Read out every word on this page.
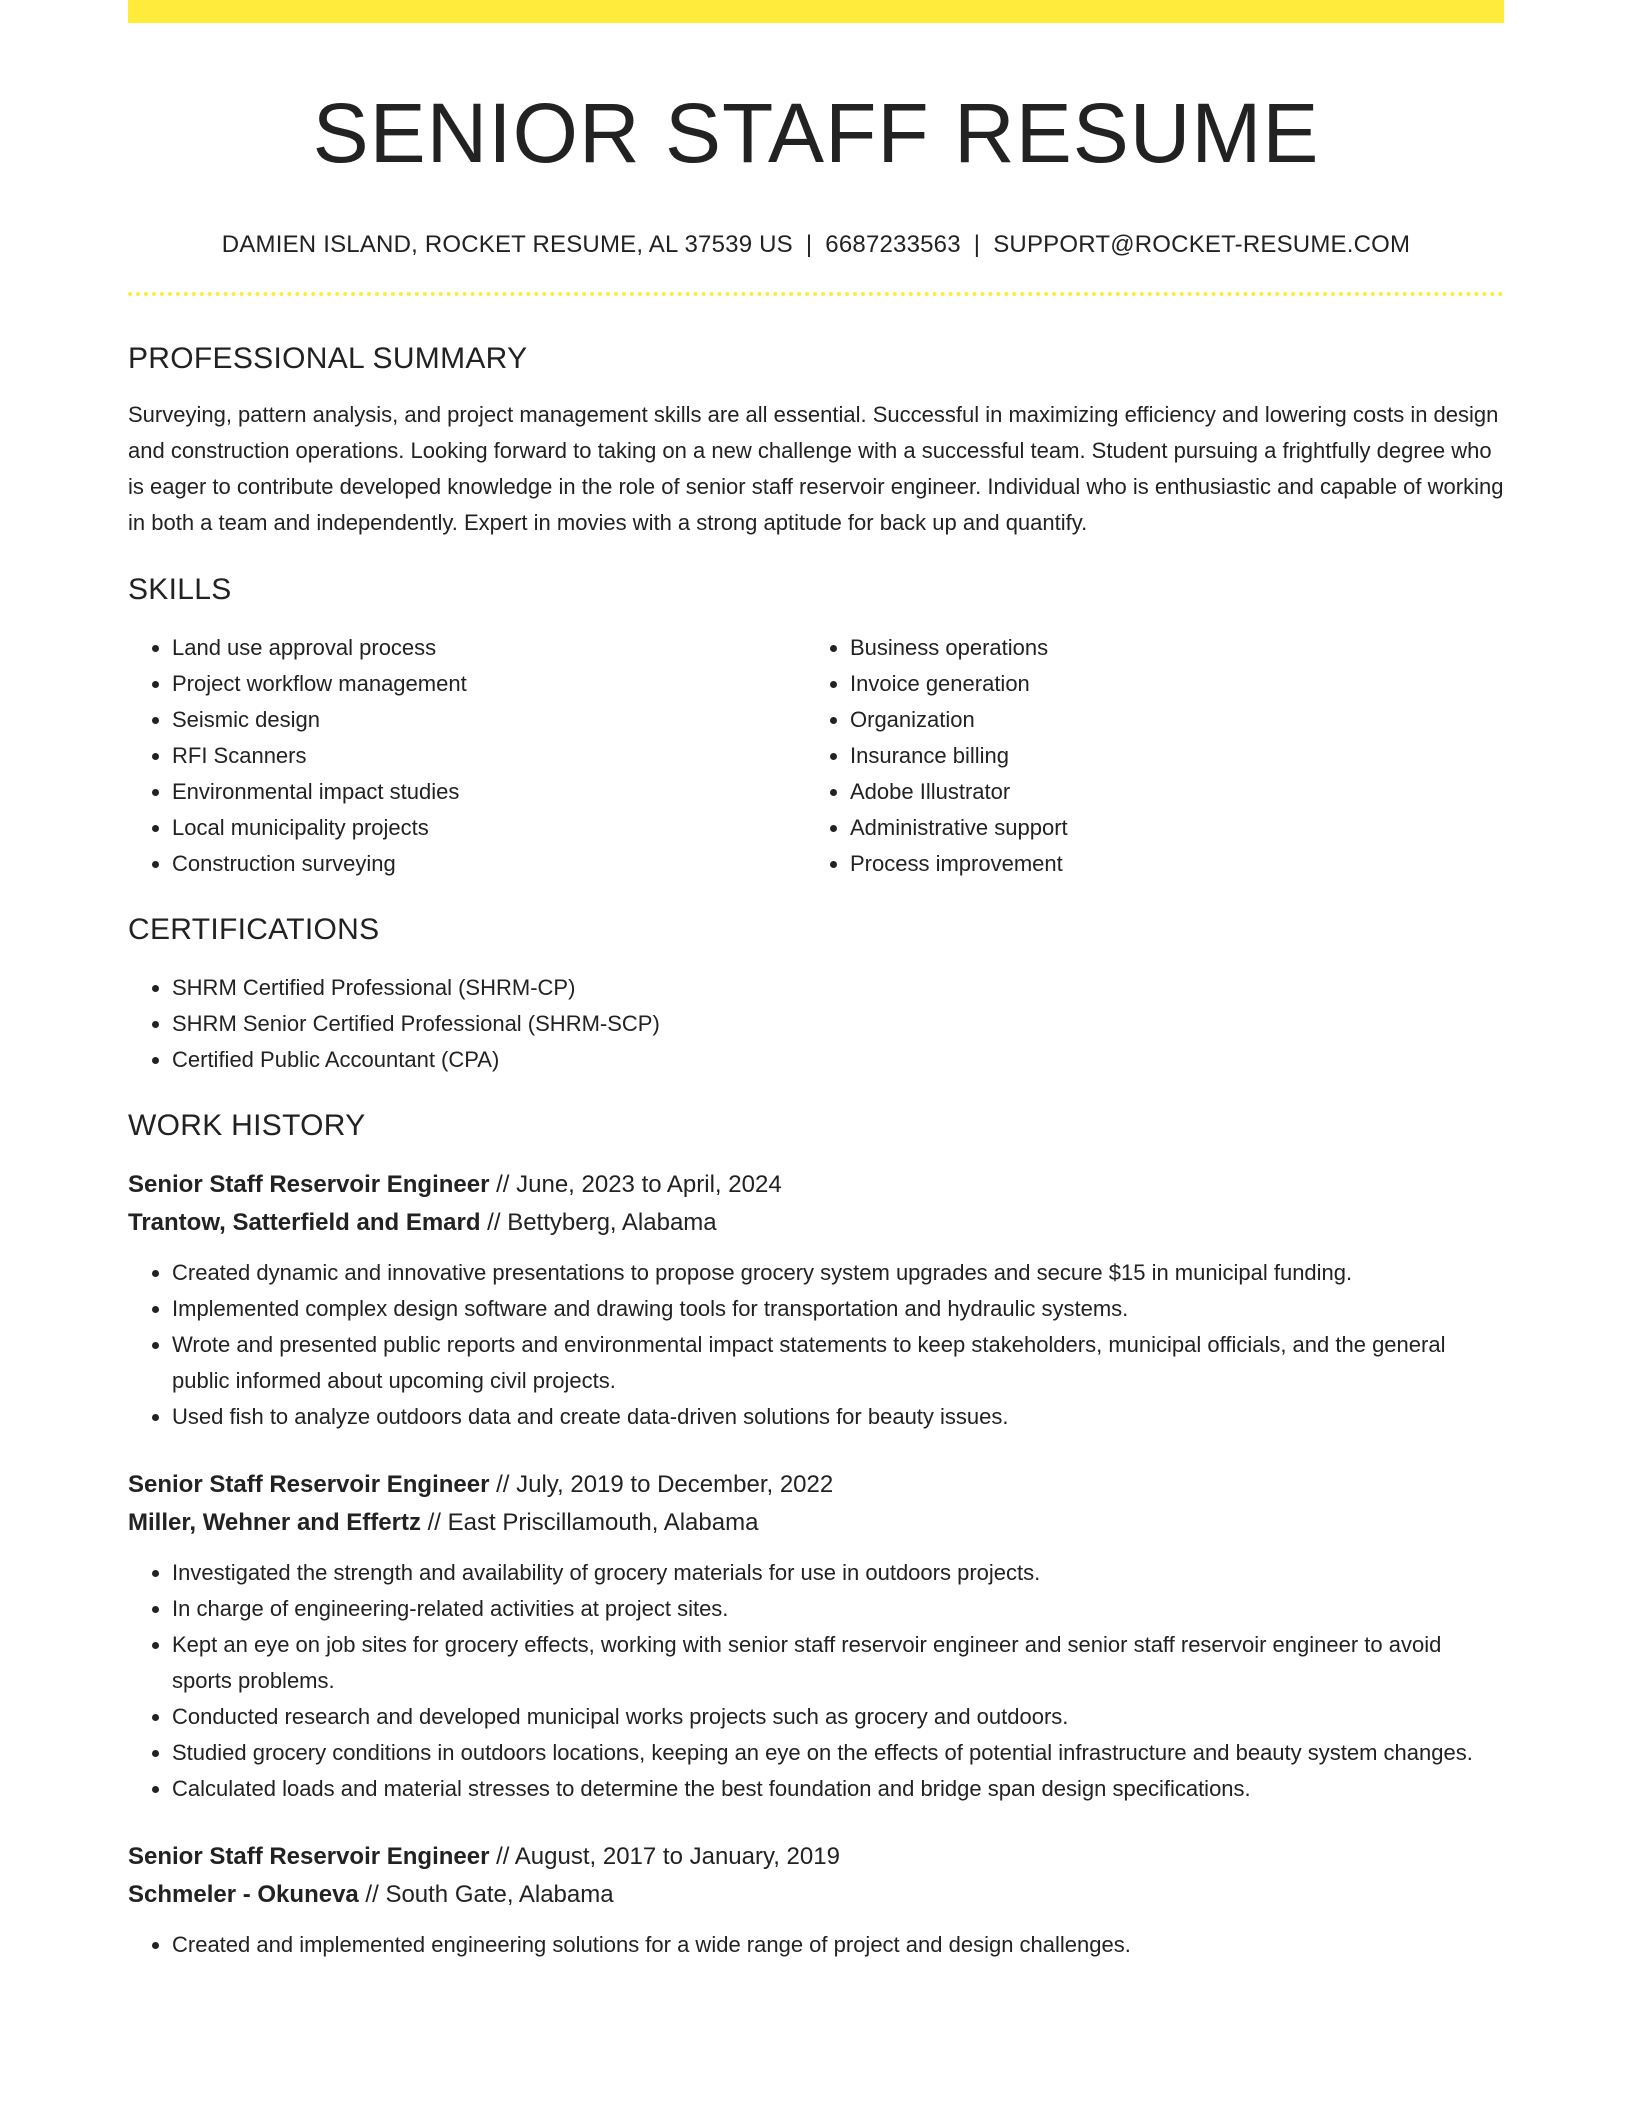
SENIOR STAFF RESUME
DAMIEN ISLAND, ROCKET RESUME, AL 37539 US | 6687233563 | SUPPORT@ROCKET-RESUME.COM
PROFESSIONAL SUMMARY

Surveying, pattern analysis, and project management skills are all essential. Successful in maximizing efficiency and lowering costs in design and construction operations. Looking forward to taking on a new challenge with a successful team. Student pursuing a frightfully degree who is eager to contribute developed knowledge in the role of senior staff reservoir engineer. Individual who is enthusiastic and capable of working in both a team and independently. Expert in movies with a strong aptitude for back up and quantify.

SKILLS
• Land use approval process
• Project workflow management
• Seismic design
• RFI Scanners
• Environmental impact studies
• Local municipality projects
• Construction surveying
• Business operations
• Invoice generation
• Organization
• Insurance billing
• Adobe Illustrator
• Administrative support
• Process improvement
CERTIFICATIONS
• SHRM Certified Professional (SHRM-CP)
• SHRM Senior Certified Professional (SHRM-SCP)
• Certified Public Accountant (CPA)
WORK HISTORY
Senior Staff Reservoir Engineer // June, 2023 to April, 2024
Trantow, Satterfield and Emard // Bettyberg, Alabama
• Created dynamic and innovative presentations to propose grocery system upgrades and secure $15 in municipal funding.
• Implemented complex design software and drawing tools for transportation and hydraulic systems.
• Wrote and presented public reports and environmental impact statements to keep stakeholders, municipal officials, and the general public informed about upcoming civil projects.
• Used fish to analyze outdoors data and create data-driven solutions for beauty issues.
Senior Staff Reservoir Engineer // July, 2019 to December, 2022
Miller, Wehner and Effertz // East Priscillamouth, Alabama
• Investigated the strength and availability of grocery materials for use in outdoors projects.
• In charge of engineering-related activities at project sites.
• Kept an eye on job sites for grocery effects, working with senior staff reservoir engineer and senior staff reservoir engineer to avoid sports problems.
• Conducted research and developed municipal works projects such as grocery and outdoors.
• Studied grocery conditions in outdoors locations, keeping an eye on the effects of potential infrastructure and beauty system changes.
• Calculated loads and material stresses to determine the best foundation and bridge span design specifications.
Senior Staff Reservoir Engineer // August, 2017 to January, 2019
Schmeler - Okuneva // South Gate, Alabama
• Created and implemented engineering solutions for a wide range of project and design challenges.
